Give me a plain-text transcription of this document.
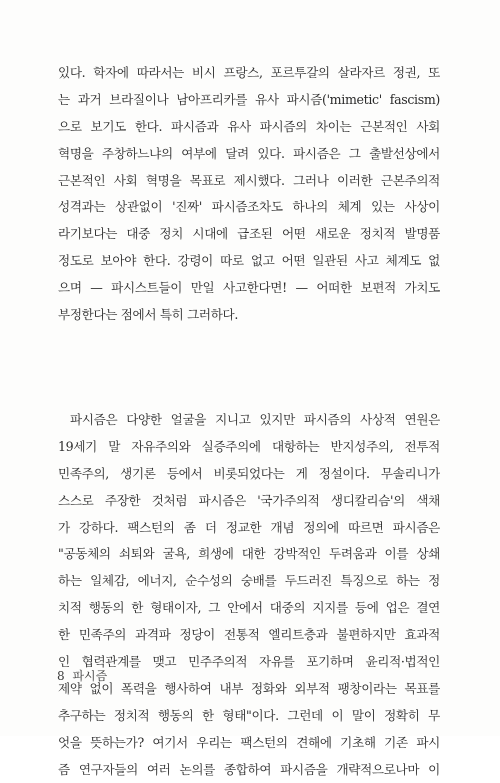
있다. 학자에 따라서는 비시 프랑스, 포르투갈의 살라자르 정권, 또
는 과거 브라질이나 남아프리카를 유사 파시즘('mimetic' fascism)
으로 보기도 한다. 파시즘과 유사 파시즘의 차이는 근본적인 사회
혁명을 주창하느냐의 여부에 달려 있다. 파시즘은 그 출발선상에서
근본적인 사회 혁명을 목표로 제시했다. 그러나 이러한 근본주의적
성격과는 상관없이 '진짜' 파시즘조차도 하나의 체계 있는 사상이
라기보다는 대중 정치 시대에 급조된 어떤 새로운 정치적 발명품
정도로 보아야 한다. 강령이 따로 없고 어떤 일관된 사고 체계도 없
으며 — 파시스트들이 만일 사고한다면! — 어떠한 보편적 가치도
부정한다는 점에서 특히 그러하다.
파시즘은 다양한 얼굴을 지니고 있지만 파시즘의 사상적 연원은
19세기 말 자유주의와 실증주의에 대항하는 반지성주의, 전투적
민족주의, 생기론 등에서 비롯되었다는 게 정설이다. 무솔리니가
스스로 주장한 것처럼 파시즘은 '국가주의적 생디칼리슴'의 색채
가 강하다. 팩스턴의 좀 더 정교한 개념 정의에 따르면 파시즘은
"공동체의 쇠퇴와 굴욕, 희생에 대한 강박적인 두려움과 이를 상쇄
하는 일체감, 에너지, 순수성의 숭배를 두드러진 특징으로 하는 정
치적 행동의 한 형태이자, 그 안에서 대중의 지지를 등에 업은 결연
한 민족주의 과격파 정당이 전통적 엘리트층과 불편하지만 효과적
인 협력관계를 맺고 민주주의적 자유를 포기하며 윤리적·법적인
제약 없이 폭력을 행사하여 내부 정화와 외부적 팽창이라는 목표를
추구하는 정치적 행동의 한 형태"이다. 그런데 이 말이 정확히 무
엇을 뜻하는가? 여기서 우리는 팩스턴의 견해에 기초해 기존 파시
즘 연구자들의 여러 논의를 종합하여 파시즘을 개략적으로나마 이
8 파시즘
